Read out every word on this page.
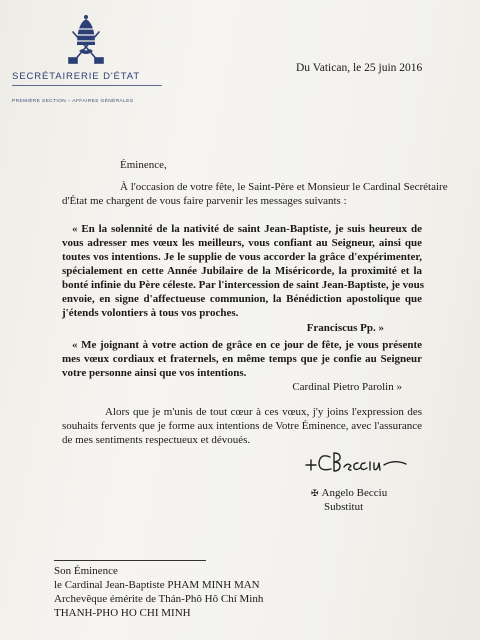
SECRÉTAIRERIE D'ÉTAT
PREMIÈRE SECTION – AFFAIRES GÉNÉRALES
Du Vatican, le 25 juin 2016
Éminence,
À l'occasion de votre fête, le Saint-Père et Monsieur le Cardinal Secrétaire
d'État me chargent de vous faire parvenir les messages suivants :
« En la solennité de la nativité de saint Jean-Baptiste, je suis heureux de
vous adresser mes vœux les meilleurs, vous confiant au Seigneur, ainsi que
toutes vos intentions. Je le supplie de vous accorder la grâce d'expérimenter,
spécialement en cette Année Jubilaire de la Miséricorde, la proximité et la
bonté infinie du Père céleste. Par l'intercession de saint Jean-Baptiste, je vous
envoie, en signe d'affectueuse communion, la Bénédiction apostolique que
j'étends volontiers à tous vos proches.
Franciscus Pp. »
« Me joignant à votre action de grâce en ce jour de fête, je vous présente
mes vœux cordiaux et fraternels, en même temps que je confie au Seigneur
votre personne ainsi que vos intentions.
Cardinal Pietro Parolin »
Alors que je m'unis de tout cœur à ces vœux, j'y joins l'expression des
souhaits fervents que je forme aux intentions de Votre Éminence, avec l'assurance
de mes sentiments respectueux et dévoués.
✠ Angelo Becciu
Substitut
Son Éminence
le Cardinal Jean-Baptiste PHAM MINH MAN
Archevêque émérite de Thán-Phô Hô Chí Minh
THANH-PHO HO CHI MINH
